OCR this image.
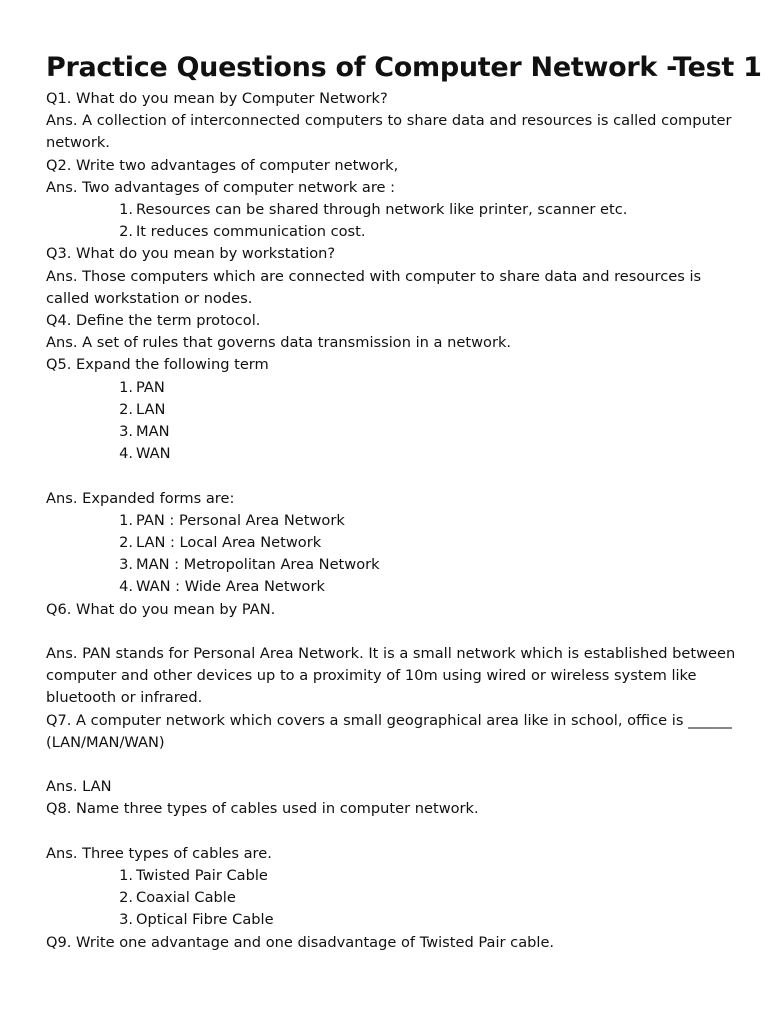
Practice Questions of Computer Network -Test 1

Q1. What do you mean by Computer Network?

Ans. A collection of interconnected computers to share data and resources is called computer network.

Q2. Write two advantages of computer network,

Ans. Two advantages of computer network are :

1. Resources can be shared through network like printer, scanner etc.
2. It reduces communication cost.

Q3. What do you mean by workstation?

Ans. Those computers which are connected with computer to share data and resources is called workstation or nodes.

Q4. Define the term protocol.

Ans. A set of rules that governs data transmission in a network.

Q5. Expand the following term

1. PAN
2. LAN
3. MAN
4. WAN

Ans. Expanded forms are:

1. PAN : Personal Area Network
2. LAN : Local Area Network
3. MAN : Metropolitan Area Network
4. WAN : Wide Area Network

Q6. What do you mean by PAN.

Ans. PAN stands for Personal Area Network. It is a small network which is established between computer and other devices up to a proximity of 10m using wired or wireless system like bluetooth or infrared.

Q7. A computer network which covers a small geographical area like in school, office is ______ (LAN/MAN/WAN)

Ans. LAN

Q8. Name three types of cables used in computer network.

Ans. Three types of cables are.

1. Twisted Pair Cable
2. Coaxial Cable
3. Optical Fibre Cable

Q9. Write one advantage and one disadvantage of Twisted Pair cable.
